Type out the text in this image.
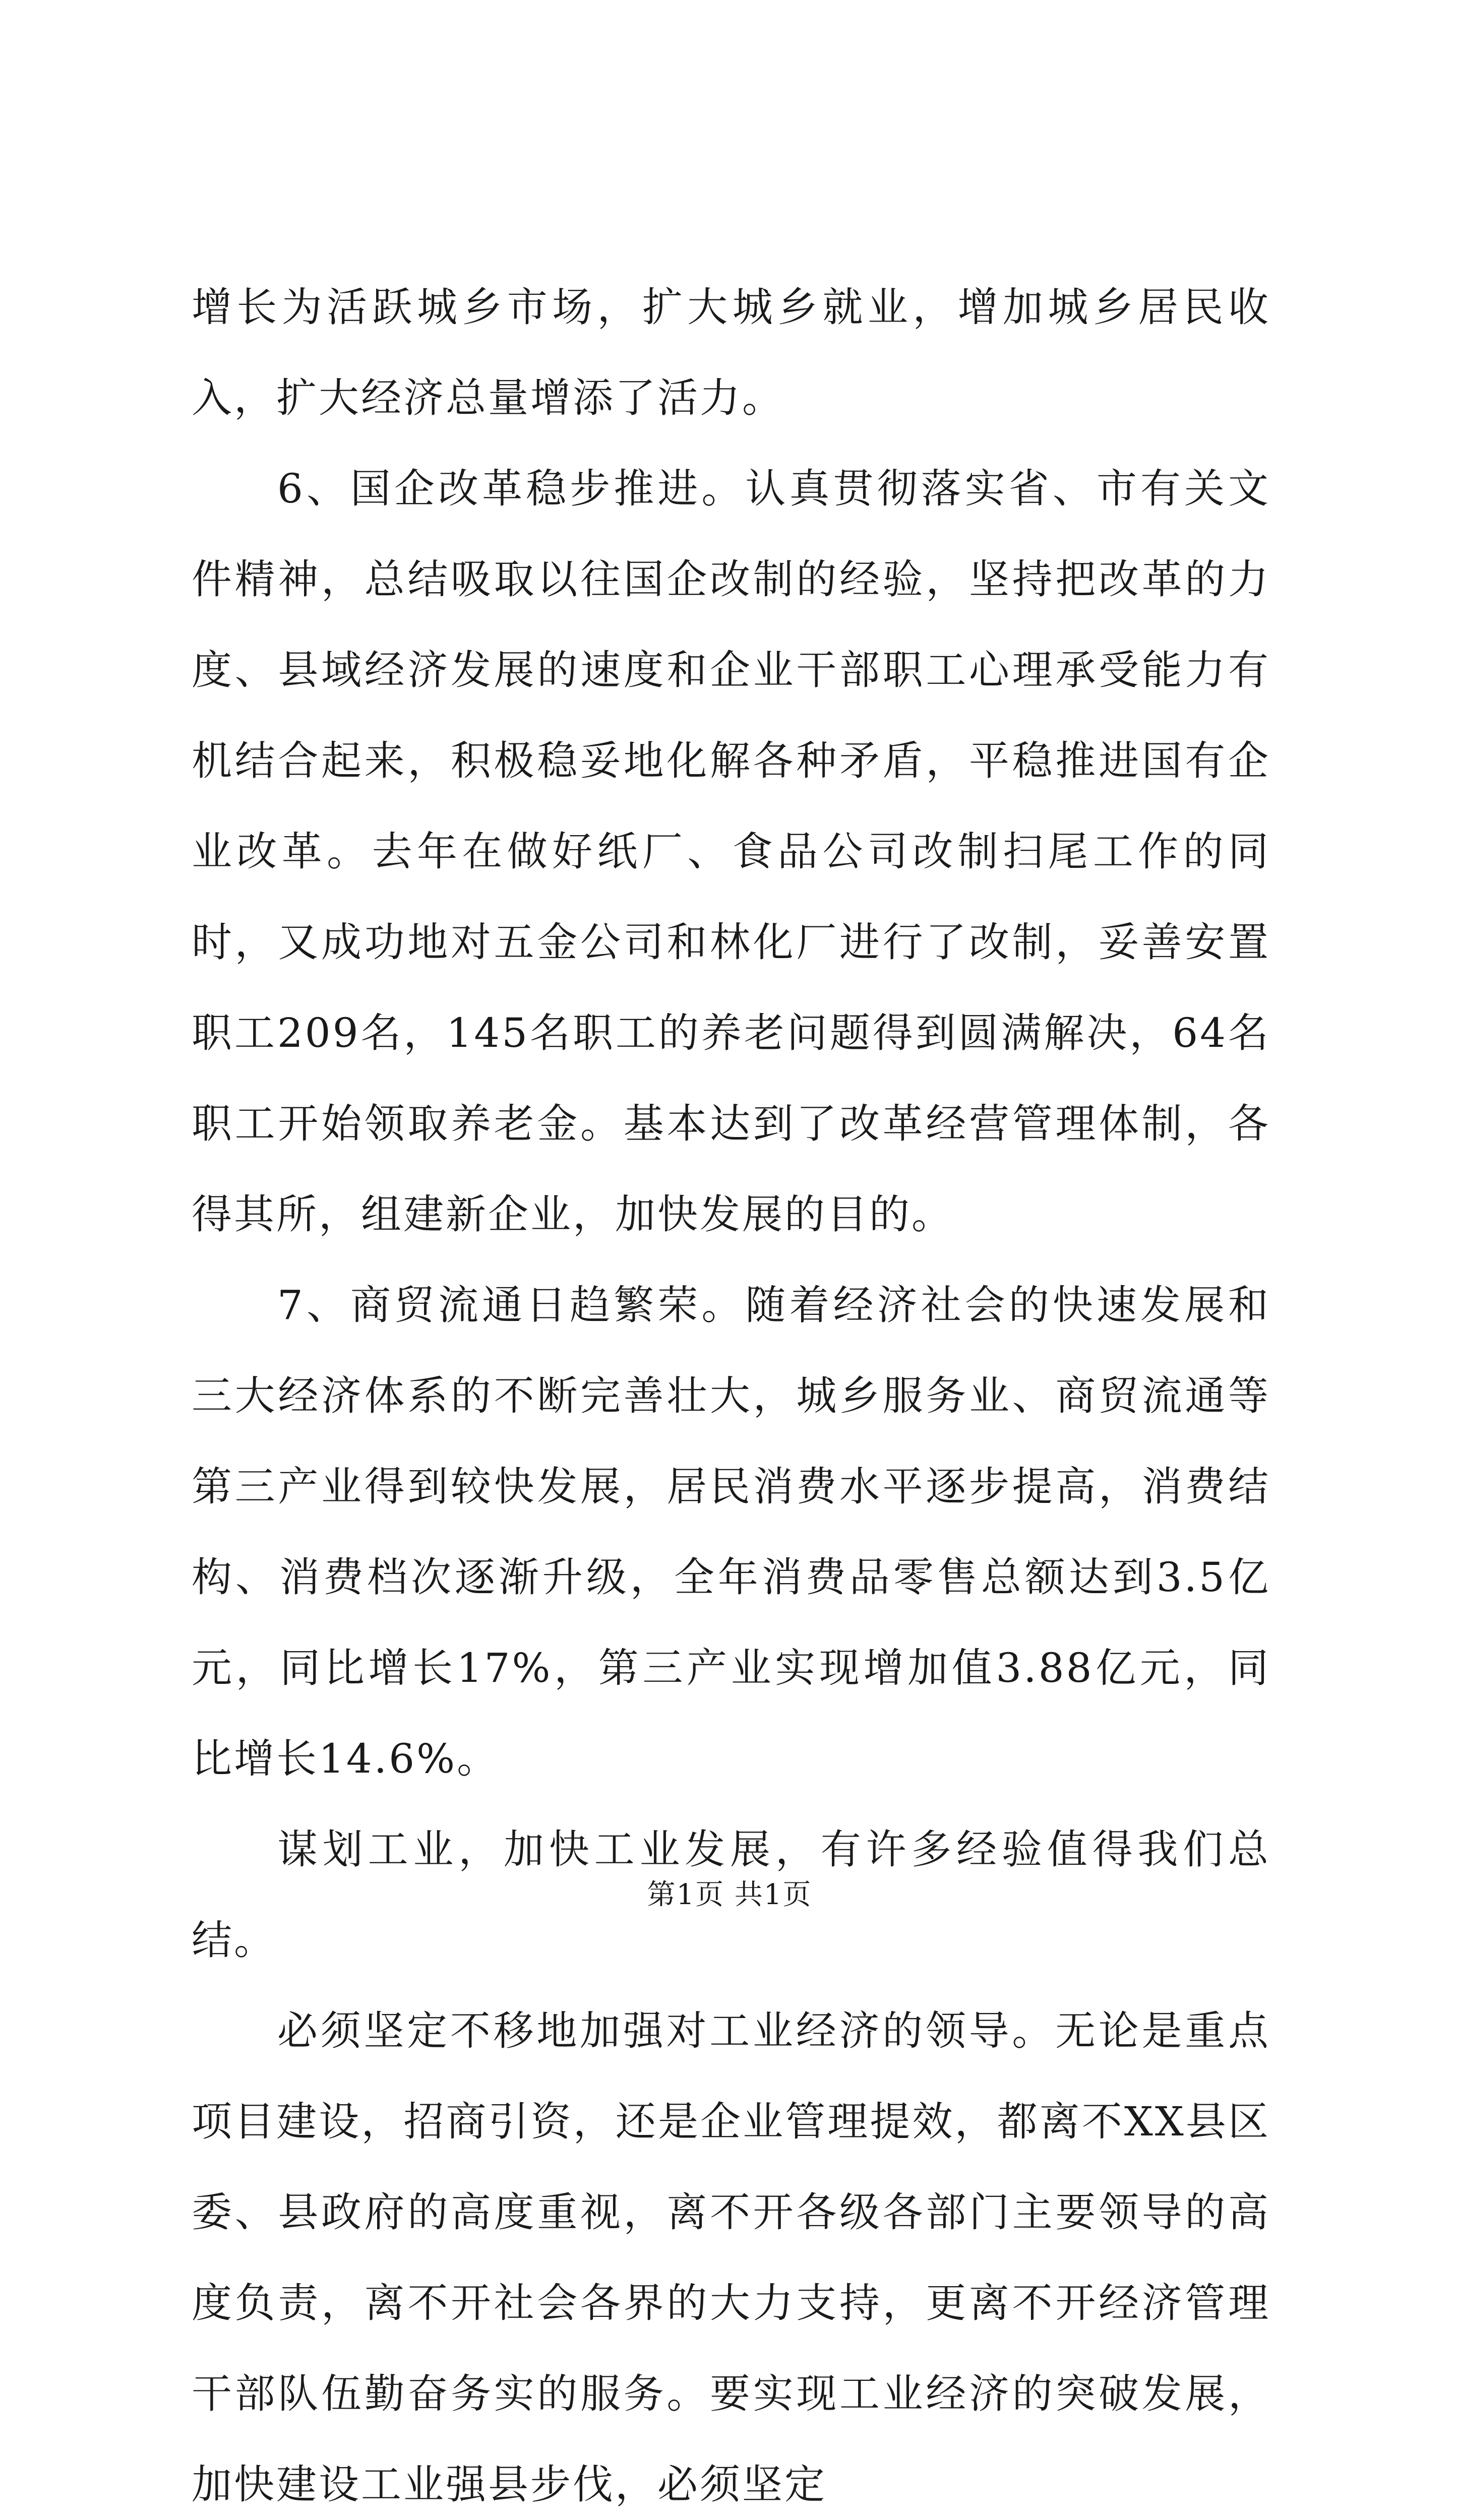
增长为活跃城乡市场，扩大城乡就业，增加城乡居民收入，扩大经济总量增添了活力。

6、国企改革稳步推进。认真贯彻落实省、市有关文件精神，总结吸取以往国企改制的经验，坚持把改革的力度、县域经济发展的速度和企业干部职工心理承受能力有机结合起来，积极稳妥地化解各种矛盾，平稳推进国有企业改革。去年在做好纸厂、食品公司改制扫尾工作的同时，又成功地对五金公司和林化厂进行了改制，妥善安置职工209名，145名职工的养老问题得到圆满解决，64名职工开始领取养老金。基本达到了改革经营管理体制，各得其所，组建新企业，加快发展的目的。

7、商贸流通日趋繁荣。随着经济社会的快速发展和三大经济体系的不断完善壮大，城乡服务业、商贸流通等第三产业得到较快发展，居民消费水平逐步提高，消费结构、消费档次逐渐升级，全年消费品零售总额达到3.5亿元，同比增长17%，第三产业实现增加值3.88亿元，同比增长14.6%。

谋划工业，加快工业发展，有许多经验值得我们总结。

必须坚定不移地加强对工业经济的领导。无论是重点项目建设，招商引资，还是企业管理提效，都离不XX县区委、县政府的高度重视，离不开各级各部门主要领导的高度负责，离不开社会各界的大力支持，更离不开经济管理干部队伍勤奋务实的服务。要实现工业经济的突破发展，加快建设工业强县步伐，必须坚定

第1页 共1页
